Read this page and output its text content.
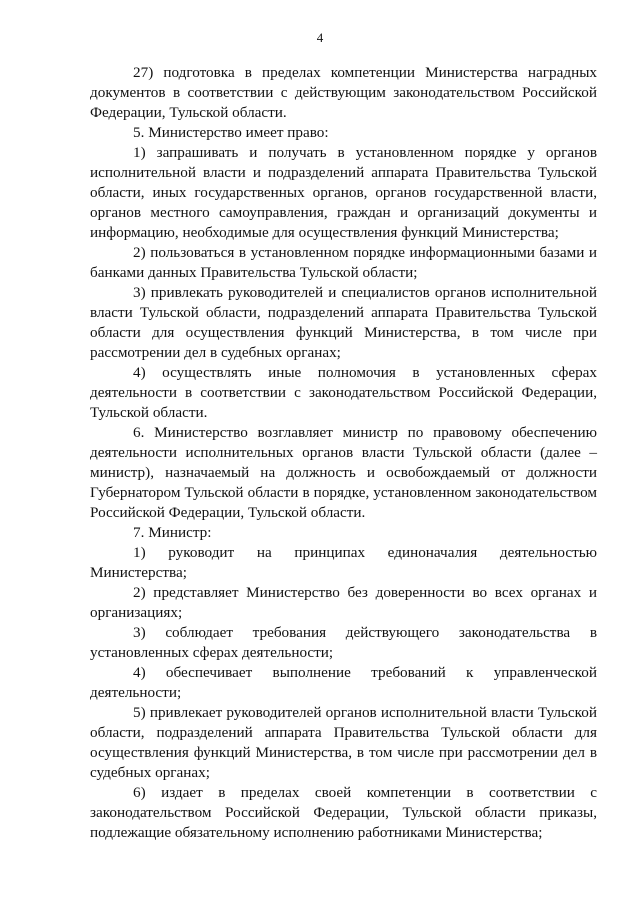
4

27) подготовка в пределах компетенции Министерства наградных документов в соответствии с действующим законодательством Российской Федерации, Тульской области.

5. Министерство имеет право:

1) запрашивать и получать в установленном порядке у органов исполнительной власти и подразделений аппарата Правительства Тульской области, иных государственных органов, органов государственной власти, органов местного самоуправления, граждан и организаций документы и информацию, необходимые для осуществления функций Министерства;

2) пользоваться в установленном порядке информационными базами и банками данных Правительства Тульской области;

3) привлекать руководителей и специалистов органов исполнительной власти Тульской области, подразделений аппарата Правительства Тульской области для осуществления функций Министерства, в том числе при рассмотрении дел в судебных органах;

4) осуществлять иные полномочия в установленных сферах деятельности в соответствии с законодательством Российской Федерации, Тульской области.

6. Министерство возглавляет министр по правовому обеспечению деятельности исполнительных органов власти Тульской области (далее – министр), назначаемый на должность и освобождаемый от должности Губернатором Тульской области в порядке, установленном законодательством Российской Федерации, Тульской области.

7. Министр:

1) руководит на принципах единоначалия деятельностью Министерства;

2) представляет Министерство без доверенности во всех органах и организациях;

3) соблюдает требования действующего законодательства в установленных сферах деятельности;

4) обеспечивает выполнение требований к управленческой деятельности;

5) привлекает руководителей органов исполнительной власти Тульской области, подразделений аппарата Правительства Тульской области для осуществления функций Министерства, в том числе при рассмотрении дел в судебных органах;

6) издает в пределах своей компетенции в соответствии с законодательством Российской Федерации, Тульской области приказы, подлежащие обязательному исполнению работниками Министерства;
